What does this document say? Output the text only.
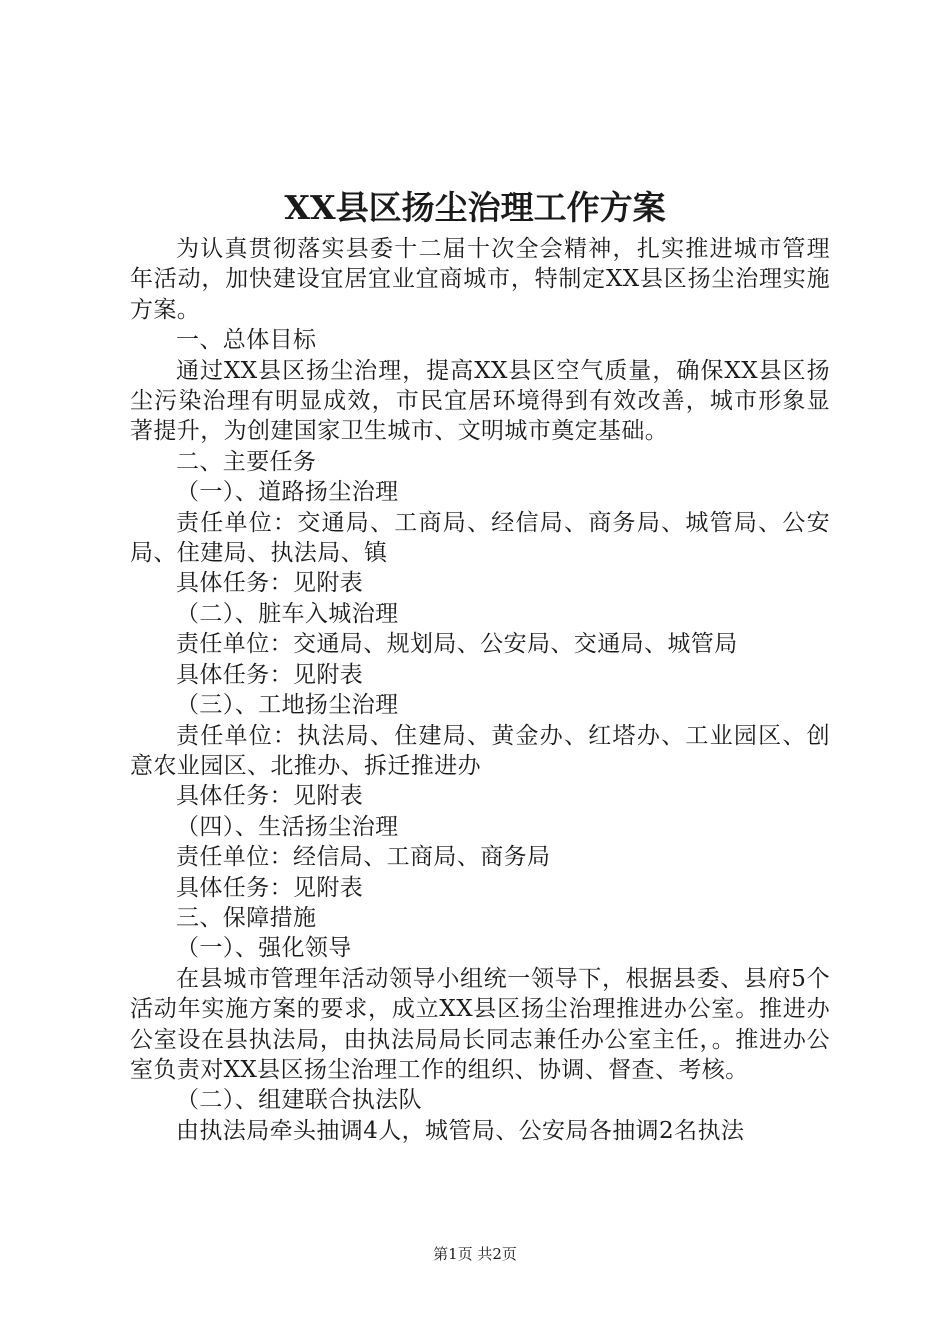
XX县区扬尘治理工作方案

为认真贯彻落实县委十二届十次全会精神，扎实推进城市管理年活动，加快建设宜居宜业宜商城市，特制定XX县区扬尘治理实施方案。

一、总体目标

通过XX县区扬尘治理，提高XX县区空气质量，确保XX县区扬尘污染治理有明显成效，市民宜居环境得到有效改善，城市形象显著提升，为创建国家卫生城市、文明城市奠定基础。

二、主要任务

（一）、道路扬尘治理

责任单位：交通局、工商局、经信局、商务局、城管局、公安局、住建局、执法局、镇

具体任务：见附表

（二）、脏车入城治理

责任单位：交通局、规划局、公安局、交通局、城管局

具体任务：见附表

（三）、工地扬尘治理

责任单位：执法局、住建局、黄金办、红塔办、工业园区、创意农业园区、北推办、拆迁推进办

具体任务：见附表

（四）、生活扬尘治理

责任单位：经信局、工商局、商务局

具体任务：见附表

三、保障措施

（一）、强化领导

在县城市管理年活动领导小组统一领导下，根据县委、县府5个活动年实施方案的要求，成立XX县区扬尘治理推进办公室。推进办公室设在县执法局，由执法局局长同志兼任办公室主任，。推进办公室负责对XX县区扬尘治理工作的组织、协调、督查、考核。

（二）、组建联合执法队

由执法局牵头抽调4人，城管局、公安局各抽调2名执法

第1页 共2页
